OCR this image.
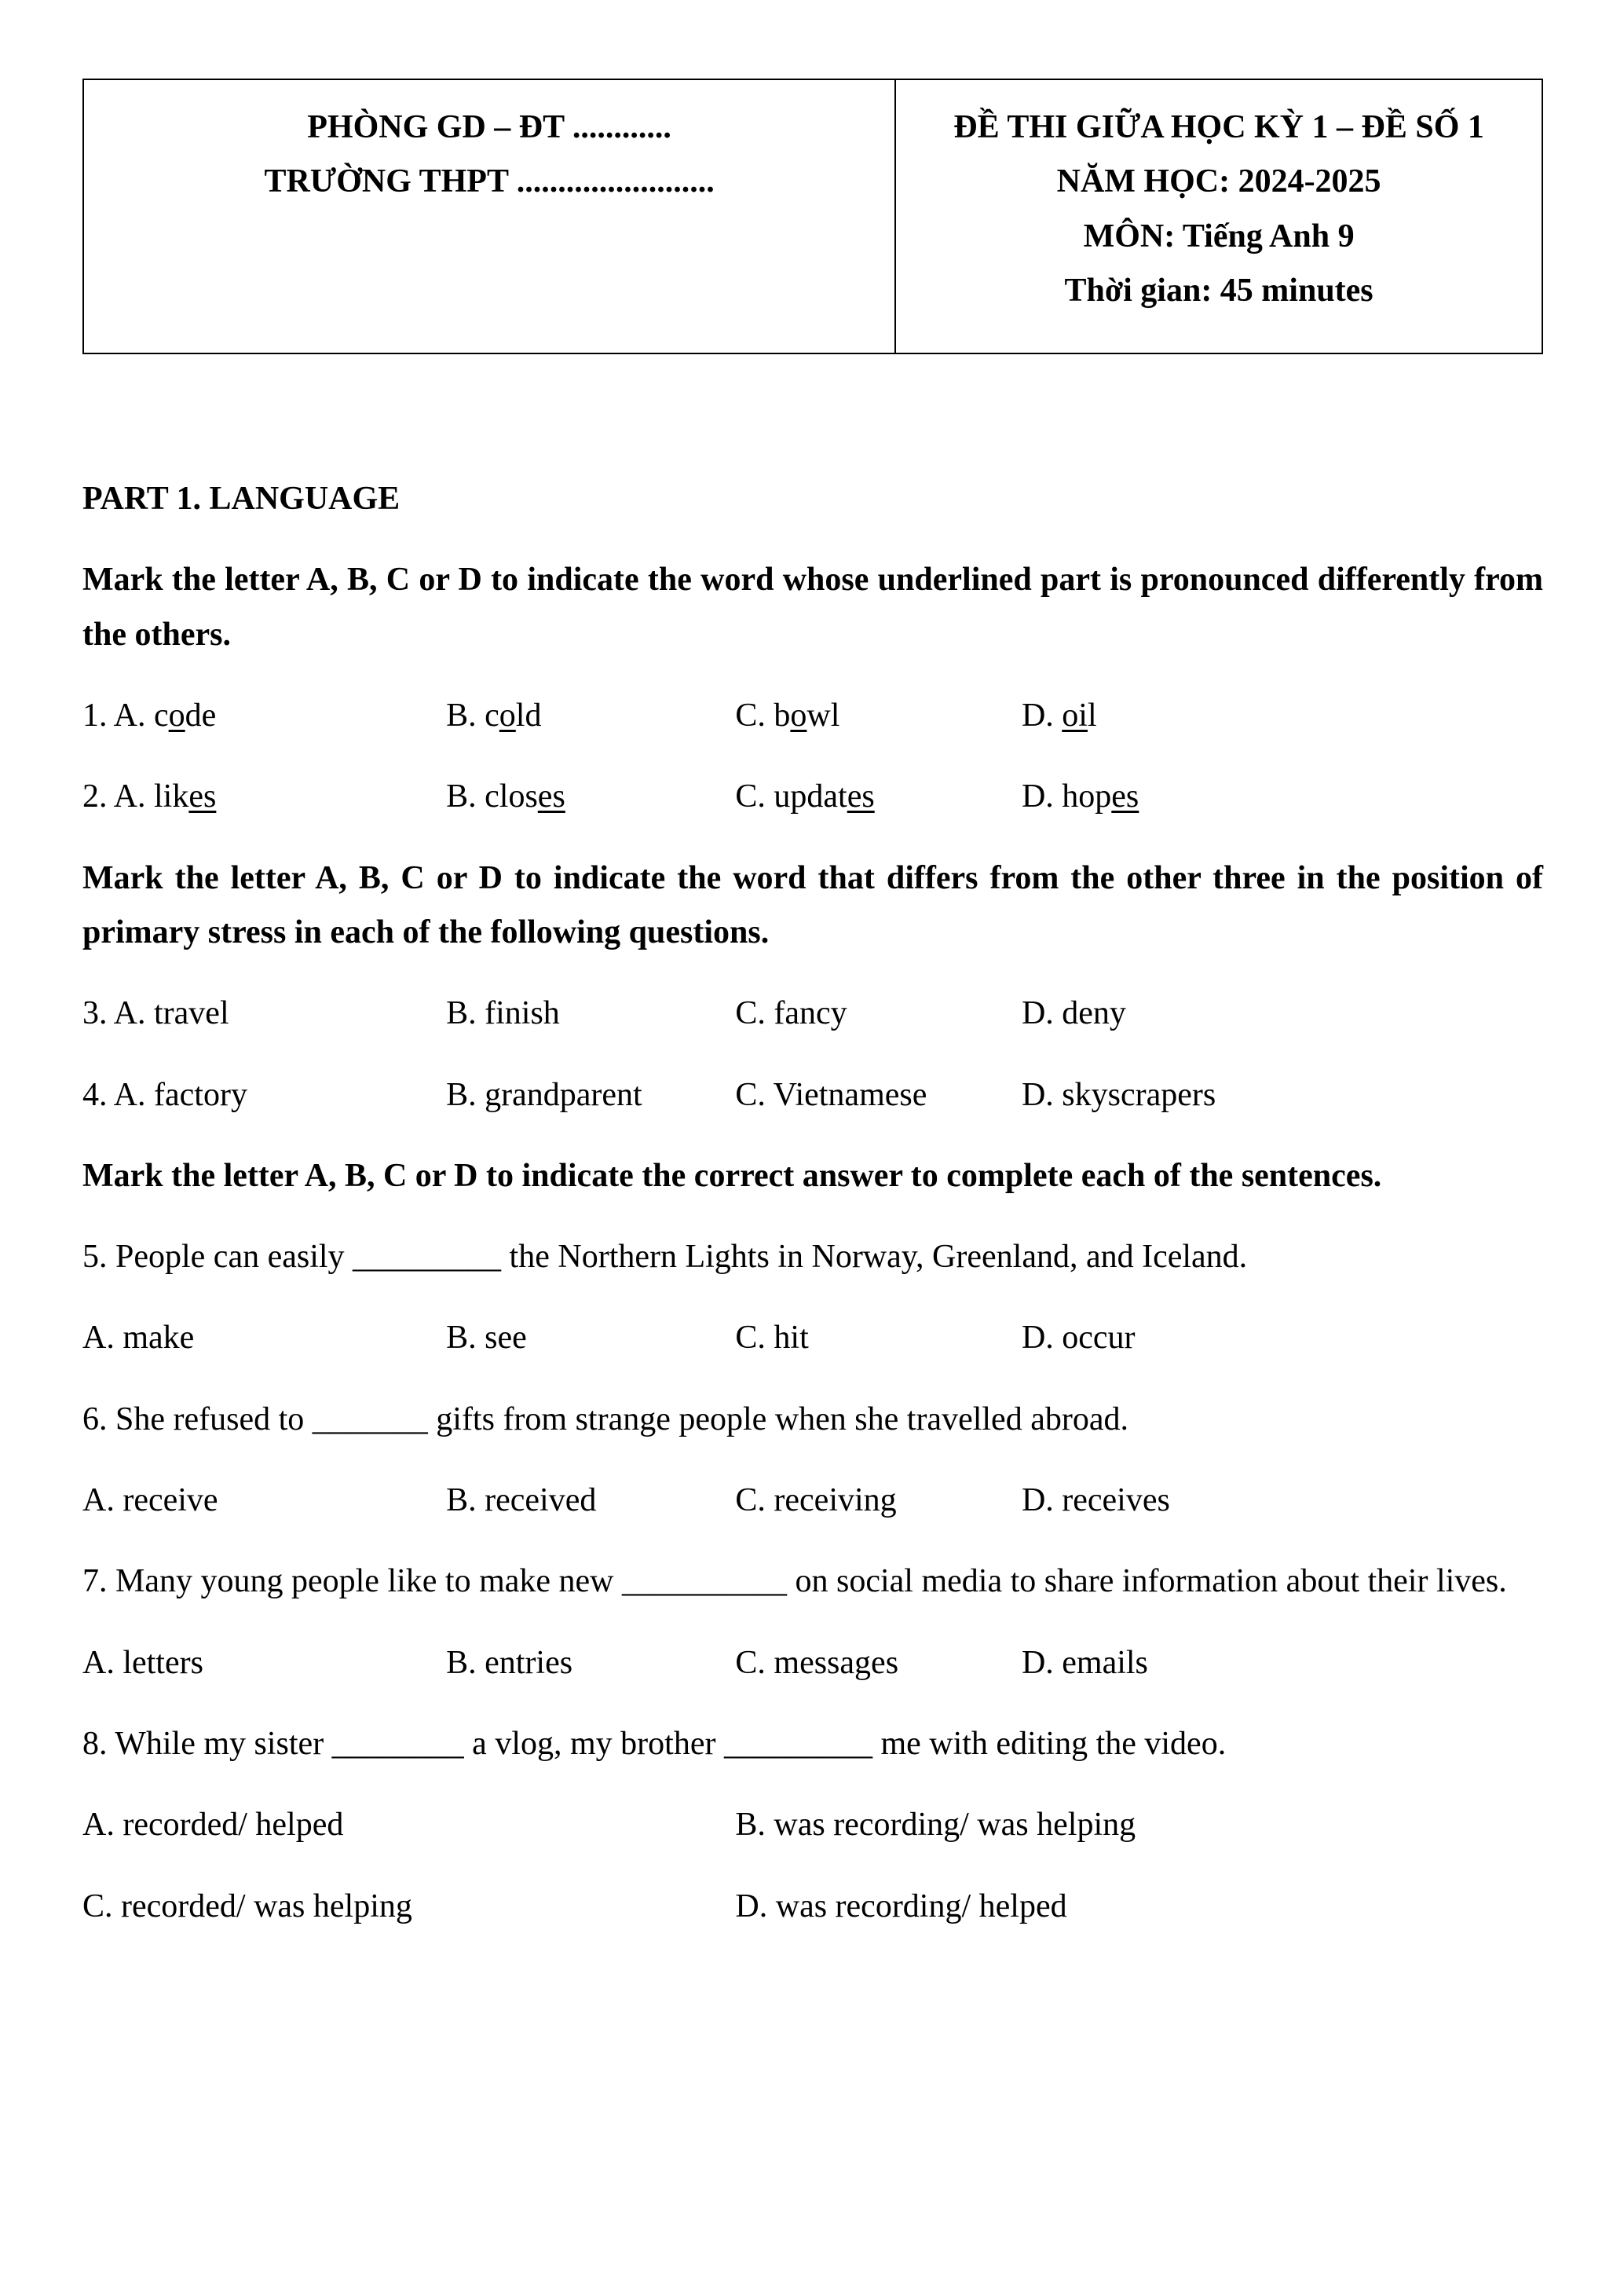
PHÒNG GD – ĐT ............

TRƯỜNG THPT ........................

ĐỀ THI GIỮA HỌC KỲ 1 – ĐỀ SỐ 1

NĂM HỌC: 2024-2025

MÔN: Tiếng Anh 9

Thời gian: 45 minutes

PART 1. LANGUAGE

Mark the letter A, B, C or D to indicate the word whose underlined part is pronounced differently from the others.

1. A. code	B. cold	C. bowl	D. oil
2. A. likes	B. closes	C. updates	D. hopes

Mark the letter A, B, C or D to indicate the word that differs from the other three in the position of primary stress in each of the following questions.

3. A. travel	B. finish	C. fancy	D. deny
4. A. factory	B. grandparent	C. Vietnamese	D. skyscrapers

Mark the letter A, B, C or D to indicate the correct answer to complete each of the sentences.

5. People can easily _________ the Northern Lights in Norway, Greenland, and Iceland.

A. make	B. see	C. hit	D. occur

6. She refused to _______ gifts from strange people when she travelled abroad.

A. receive	B. received	C. receiving	D. receives

7. Many young people like to make new __________ on social media to share information about their lives.

A. letters	B. entries	C. messages	D. emails

8. While my sister ________ a vlog, my brother _________ me with editing the video.

A. recorded/ helped	B. was recording/ was helping
C. recorded/ was helping	D. was recording/ helped
